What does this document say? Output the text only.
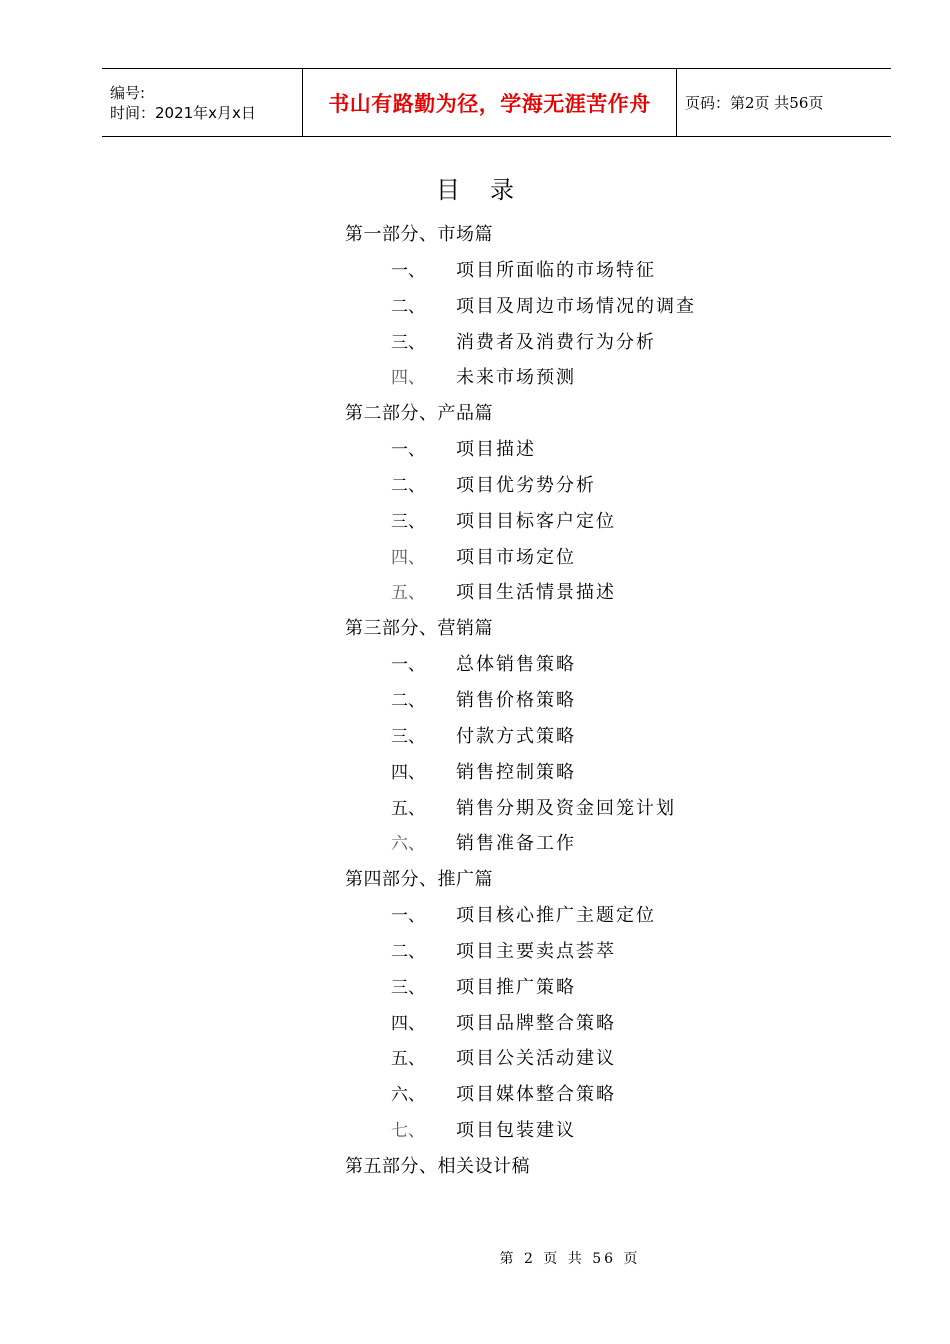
编号:
时间：2021年x月x日	书山有路勤为径，学海无涯苦作舟	页码：第2页 共56页
目 录
第一部分、市场篇
一、 项目所面临的市场特征
二、 项目及周边市场情况的调查
三、 消费者及消费行为分析
四、 未来市场预测
第二部分、产品篇
一、 项目描述
二、 项目优劣势分析
三、 项目目标客户定位
四、 项目市场定位
五、 项目生活情景描述
第三部分、营销篇
一、 总体销售策略
二、 销售价格策略
三、 付款方式策略
四、 销售控制策略
五、 销售分期及资金回笼计划
六、 销售准备工作
第四部分、推广篇
一、 项目核心推广主题定位
二、 项目主要卖点荟萃
三、 项目推广策略
四、 项目品牌整合策略
五、 项目公关活动建议
六、 项目媒体整合策略
七、 项目包装建议
第五部分、相关设计稿
第 2 页 共 56 页
